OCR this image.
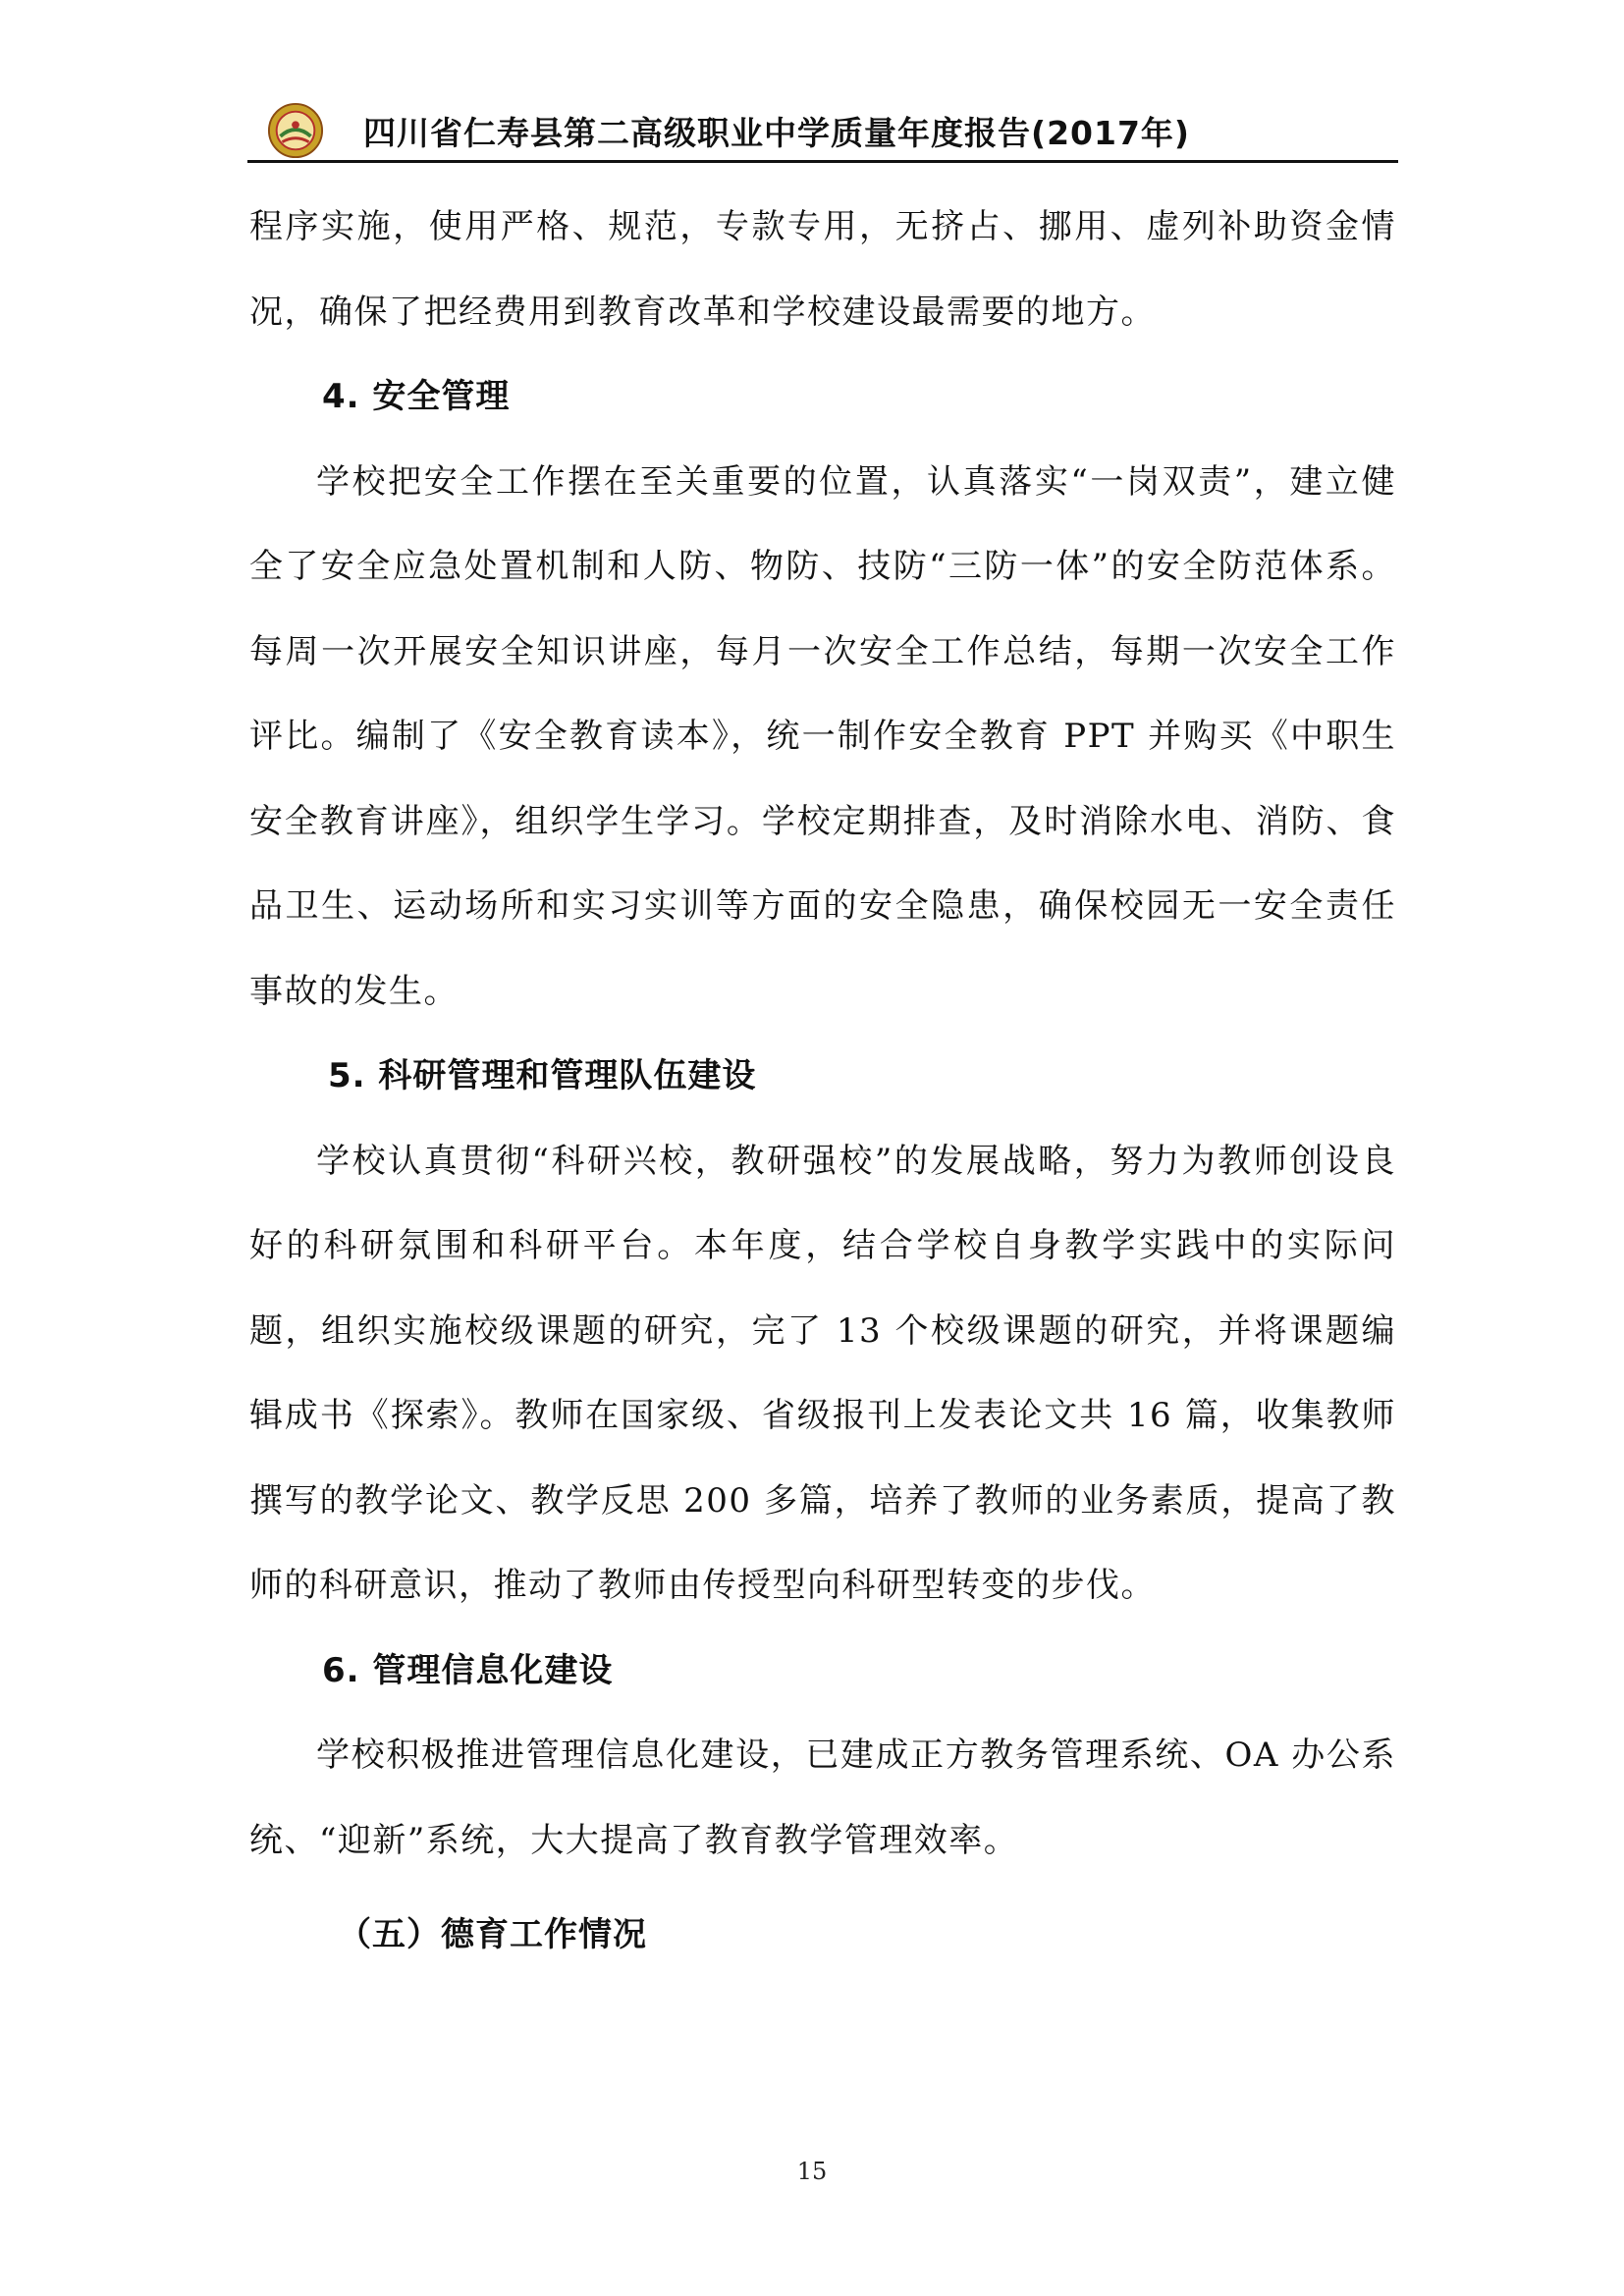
四川省仁寿县第二高级职业中学质量年度报告(2017年)

程序实施，使用严格、规范，专款专用，无挤占、挪用、虚列补助资金情况，确保了把经费用到教育改革和学校建设最需要的地方。

4. 安全管理

学校把安全工作摆在至关重要的位置，认真落实“一岗双责”，建立健全了安全应急处置机制和人防、物防、技防“三防一体”的安全防范体系。每周一次开展安全知识讲座，每月一次安全工作总结，每期一次安全工作评比。编制了《安全教育读本》，统一制作安全教育 PPT 并购买《中职生安全教育讲座》，组织学生学习。学校定期排查，及时消除水电、消防、食品卫生、运动场所和实习实训等方面的安全隐患，确保校园无一安全责任事故的发生。

5. 科研管理和管理队伍建设

学校认真贯彻“科研兴校，教研强校”的发展战略，努力为教师创设良好的科研氛围和科研平台。本年度，结合学校自身教学实践中的实际问题，组织实施校级课题的研究，完了 13 个校级课题的研究，并将课题编辑成书《探索》。教师在国家级、省级报刊上发表论文共 16 篇，收集教师撰写的教学论文、教学反思 200 多篇，培养了教师的业务素质，提高了教师的科研意识，推动了教师由传授型向科研型转变的步伐。

6. 管理信息化建设

学校积极推进管理信息化建设，已建成正方教务管理系统、OA 办公系统、“迎新”系统，大大提高了教育教学管理效率。

（五）德育工作情况

15
